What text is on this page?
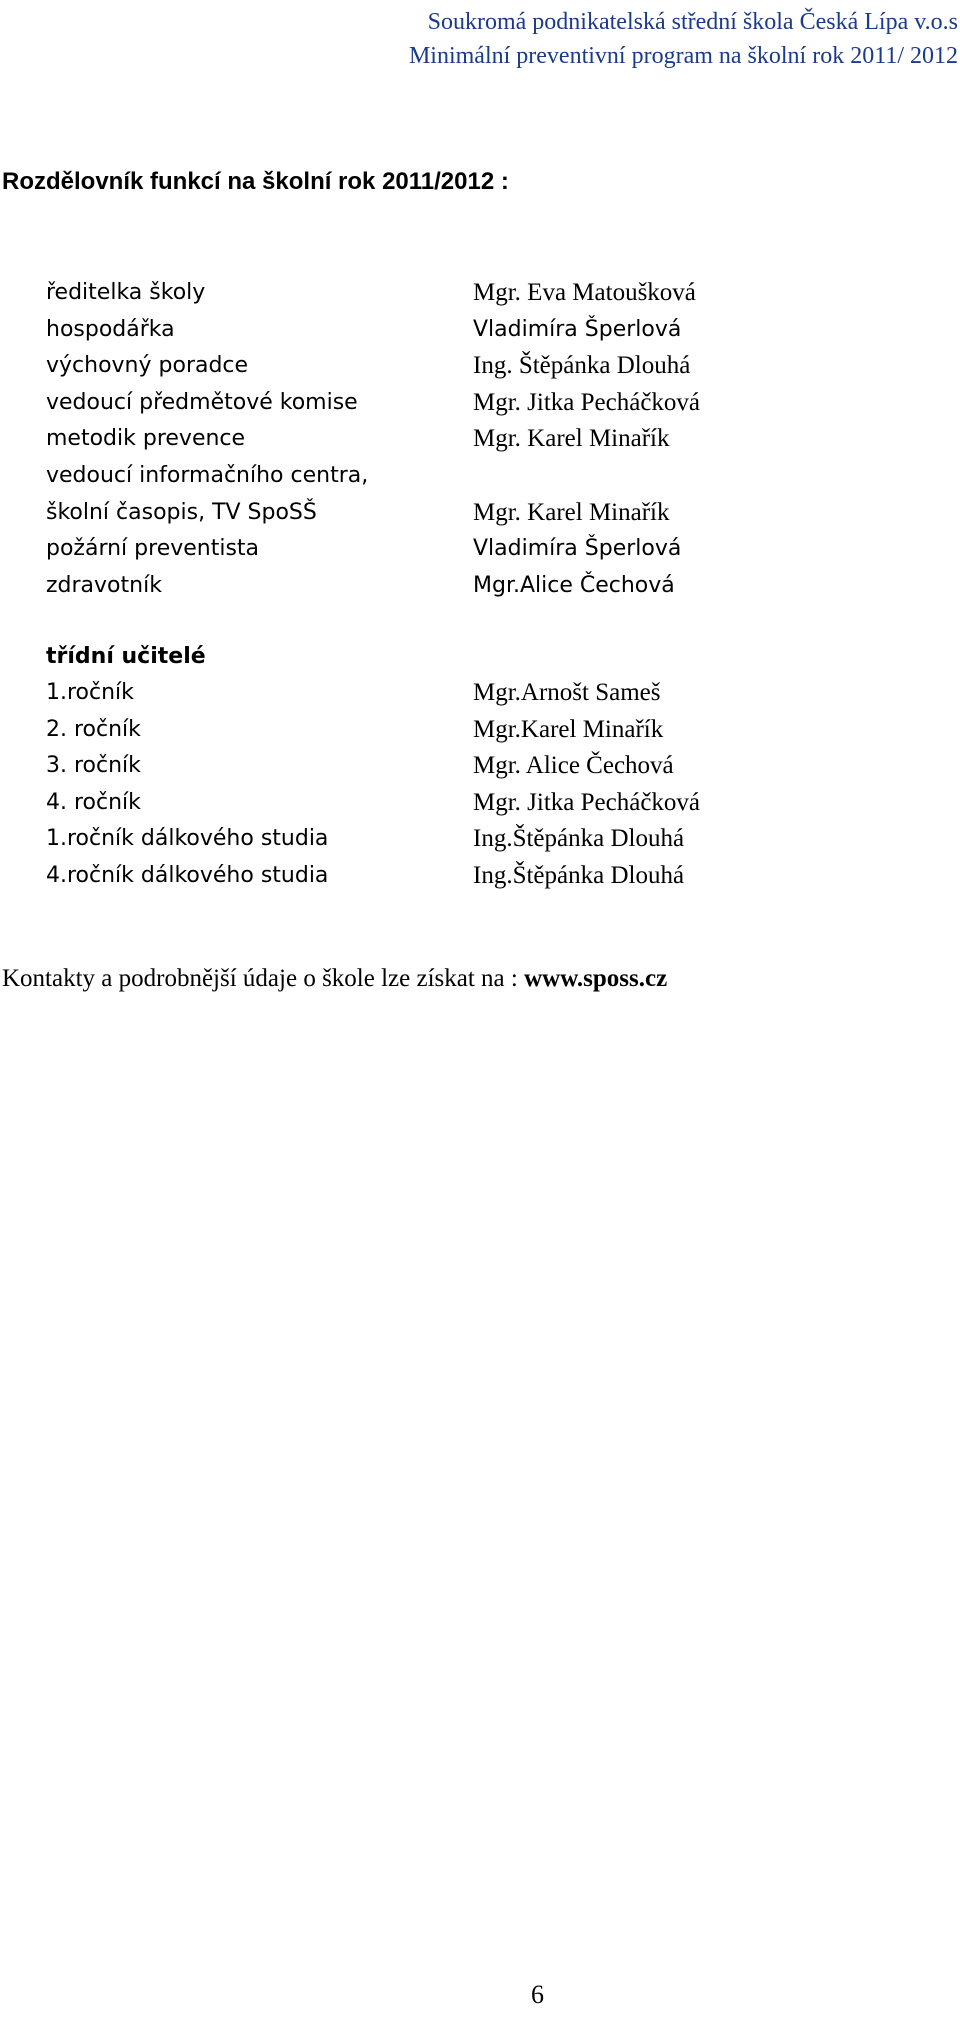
Soukromá podnikatelská střední škola Česká Lípa v.o.s
Minimální preventivní program na školní rok 2011/ 2012
Rozdělovník funkcí na školní rok 2011/2012 :
ředitelka školy	Mgr. Eva Matoušková
hospodářka	Vladimíra Šperlová
výchovný poradce	Ing. Štěpánka Dlouhá
vedoucí předmětové komise	Mgr. Jitka Pecháčková
metodik prevence	Mgr. Karel Minařík
vedoucí informačního centra,
školní časopis, TV SpoSŠ	Mgr. Karel Minařík
požární preventista	Vladimíra Šperlová
zdravotník	Mgr.Alice Čechová
třídní učitelé
1.ročník	Mgr.Arnošt Sameš
2. ročník	Mgr.Karel Minařík
3. ročník	Mgr. Alice Čechová
4. ročník	Mgr. Jitka Pecháčková
1.ročník dálkového studia	Ing.Štěpánka Dlouhá
4.ročník dálkového studia	Ing.Štěpánka Dlouhá
Kontakty a podrobnější údaje o škole lze získat na : www.sposs.cz
6
